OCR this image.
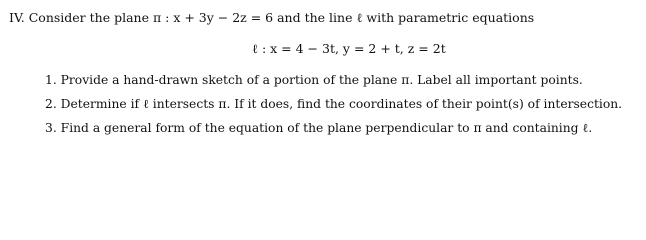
IV. Consider the plane π : x + 3y − 2z = 6 and the line ℓ with parametric equations
ℓ : x = 4 − 3t, y = 2 + t, z = 2t
1. Provide a hand-drawn sketch of a portion of the plane π. Label all important points.
2. Determine if ℓ intersects π. If it does, find the coordinates of their point(s) of intersection.
3. Find a general form of the equation of the plane perpendicular to π and containing ℓ.
